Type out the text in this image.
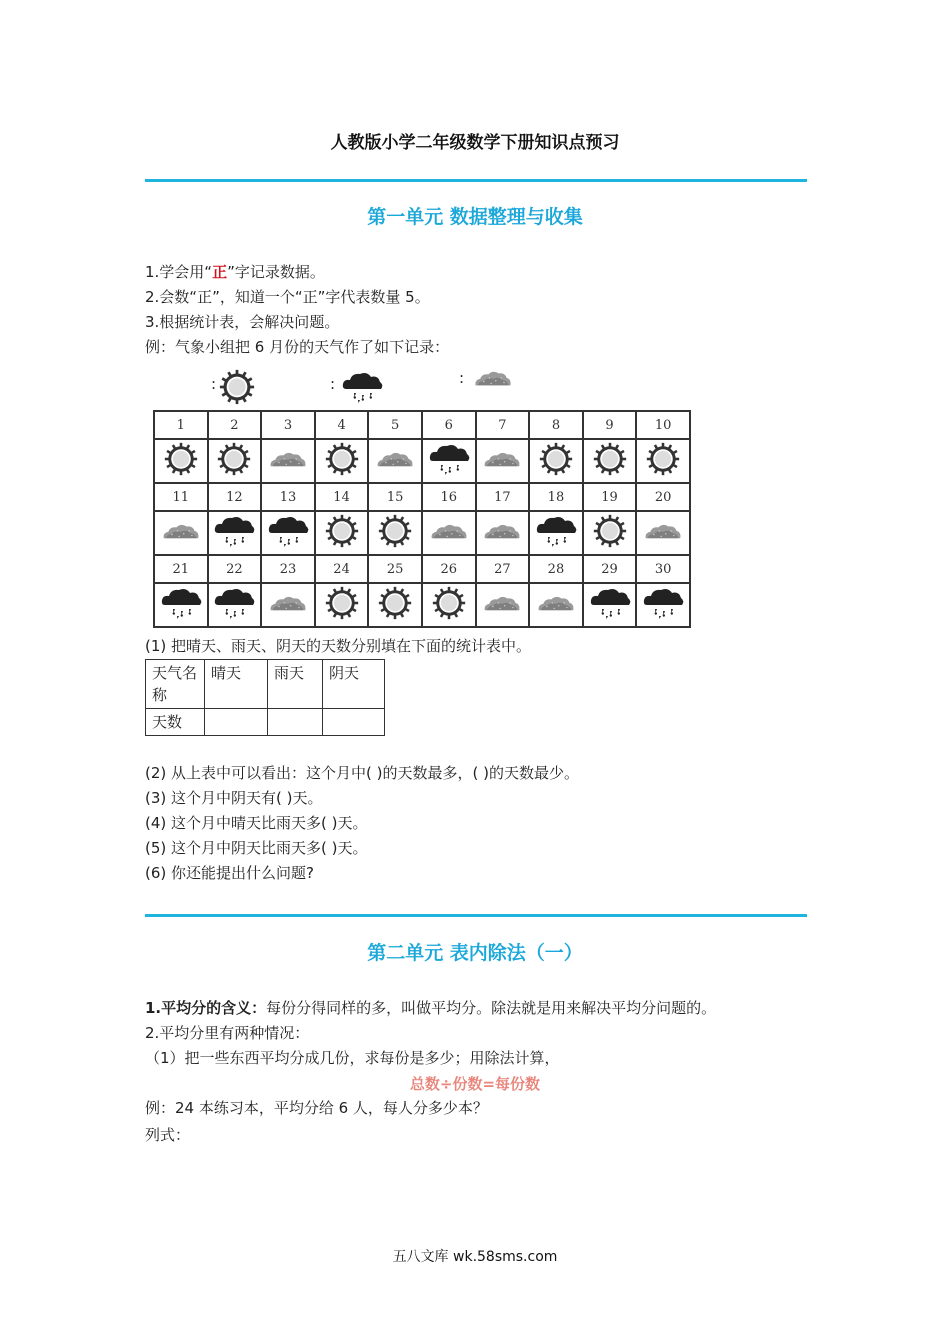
人教版小学二年级数学下册知识点预习
第一单元 数据整理与收集
1.学会用“正”字记录数据。
2.会数“正”，知道一个“正”字代表数量 5。
3.根据统计表，会解决问题。
例：气象小组把 6 月份的天气作了如下记录：
:	:	:
1	2	3	4	5	6	7	8	9	10

11	12	13	14	15	16	17	18	19	20

21	22	23	24	25	26	27	28	29	30

(1) 把晴天、雨天、阴天的天数分别填在下面的统计表中。
天气名称	晴天	雨天	阴天
天数			
(2) 从上表中可以看出：这个月中( )的天数最多，( )的天数最少。
(3) 这个月中阴天有( )天。
(4) 这个月中晴天比雨天多( )天。
(5) 这个月中阴天比雨天多( )天。
(6) 你还能提出什么问题?
第二单元 表内除法（一）
1.平均分的含义：每份分得同样的多，叫做平均分。除法就是用来解决平均分问题的。
2.平均分里有两种情况：
（1）把一些东西平均分成几份，求每份是多少；用除法计算，
总数÷份数=每份数
例：24 本练习本，平均分给 6 人，每人分多少本？
列式：
五八文库 wk.58sms.com
